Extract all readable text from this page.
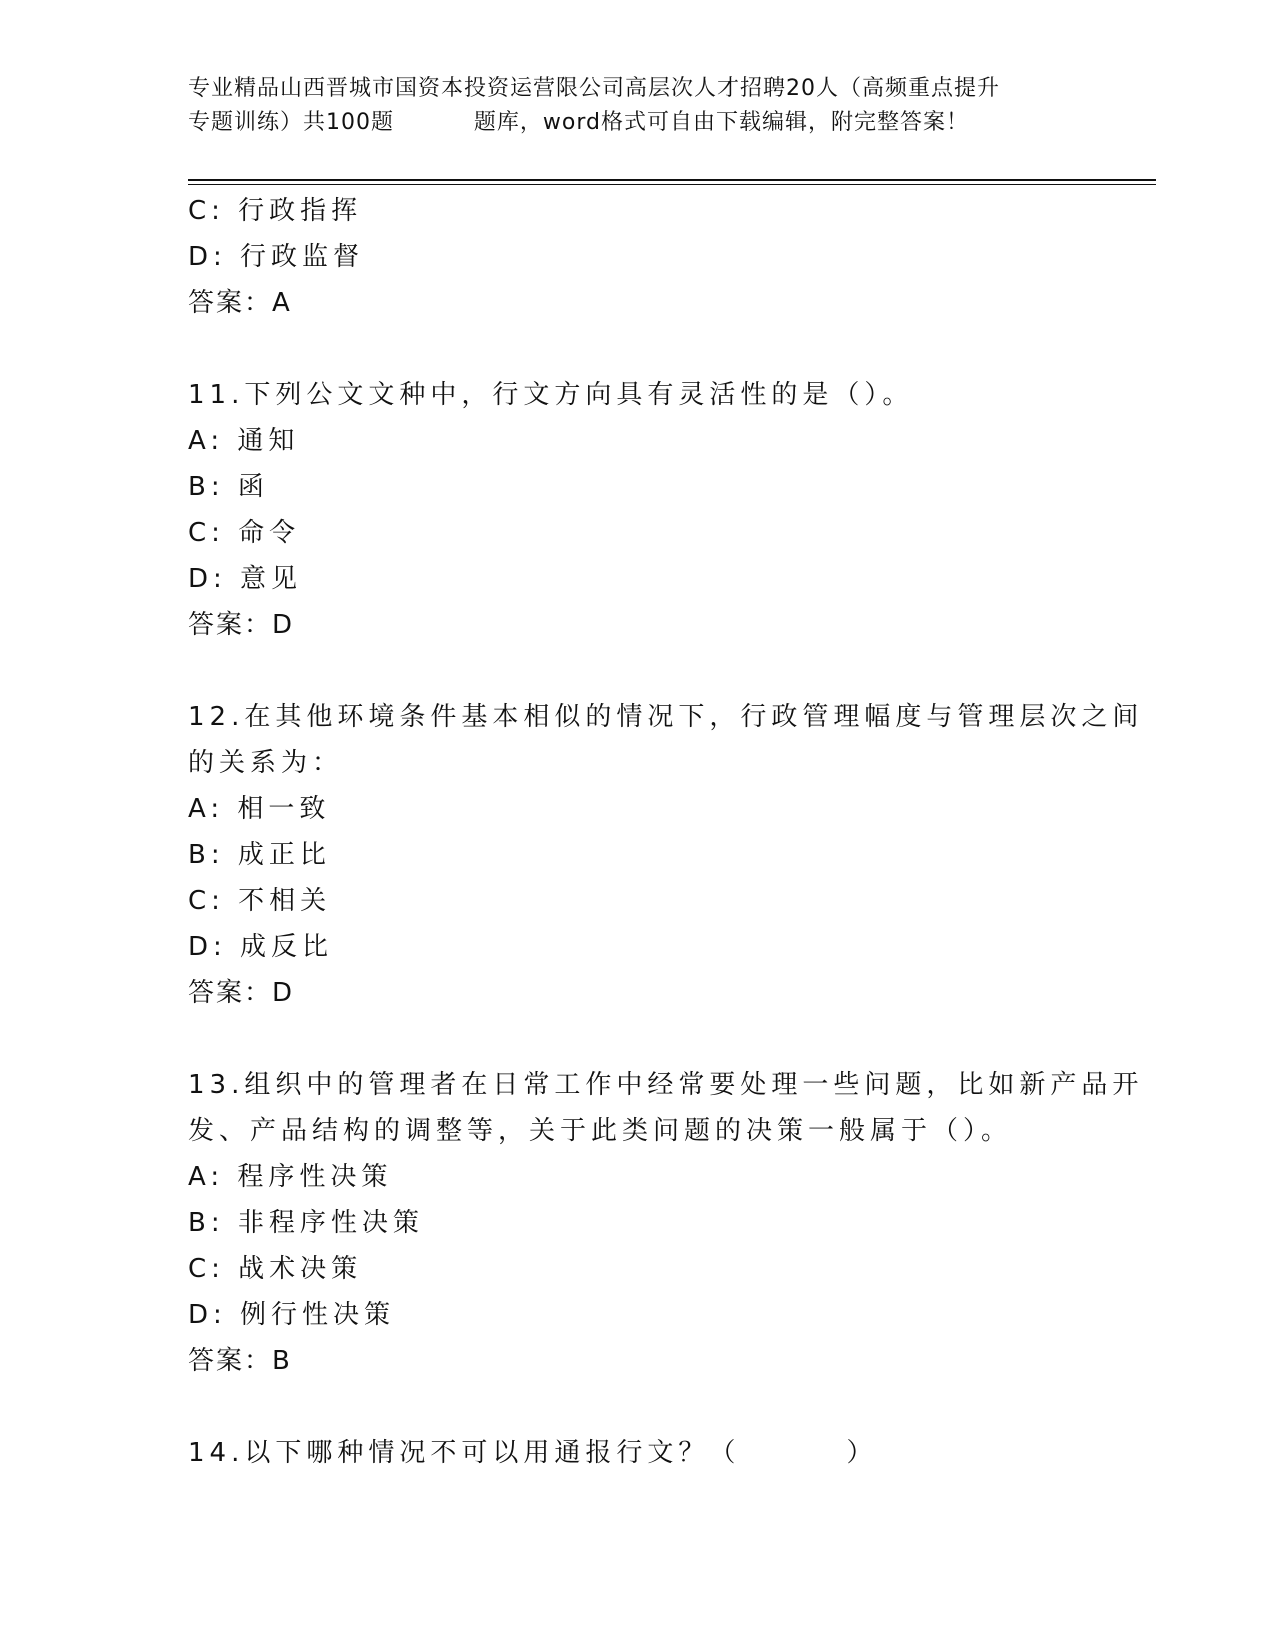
专业精品山西晋城市国资本投资运营限公司高层次人才招聘20人（高频重点提升
专题训练）共100题          题库，word格式可自由下载编辑，附完整答案！
C: 行政指挥
D: 行政监督
答案：A
11.下列公文文种中，行文方向具有灵活性的是（）。
A: 通知
B: 函
C: 命令
D: 意见
答案：D
12.在其他环境条件基本相似的情况下，行政管理幅度与管理层次之间
的关系为：
A: 相一致
B: 成正比
C: 不相关
D: 成反比
答案：D
13.组织中的管理者在日常工作中经常要处理一些问题，比如新产品开
发、产品结构的调整等，关于此类问题的决策一般属于（）。
A: 程序性决策
B: 非程序性决策
C: 战术决策
D: 例行性决策
答案：B
14.以下哪种情况不可以用通报行文？（        ）
